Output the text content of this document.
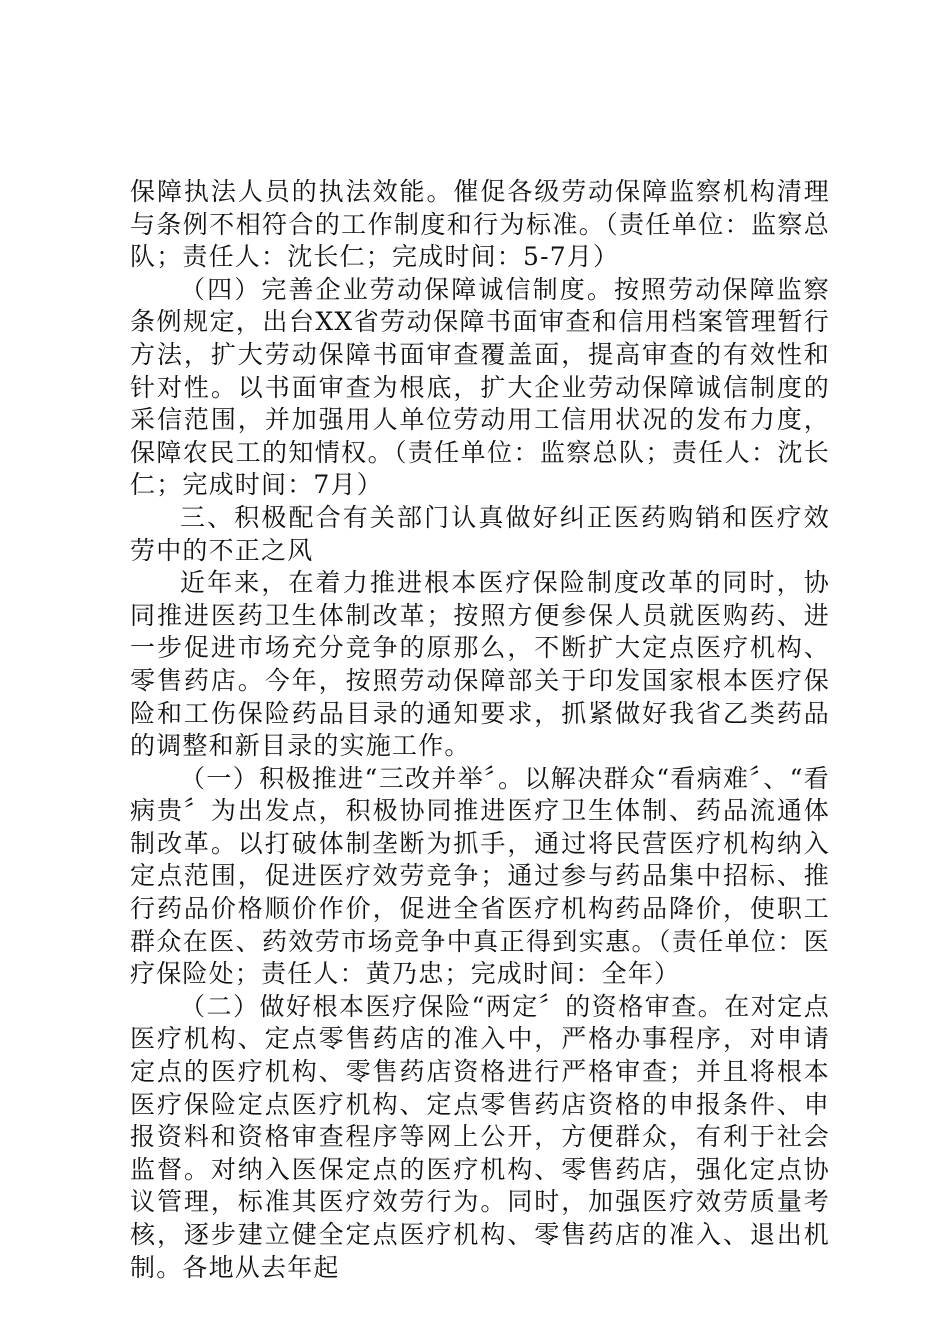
保障执法人员的执法效能。催促各级劳动保障监察机构清理与条例不相符合的工作制度和行为标准。（责任单位：监察总队；责任人：沈长仁；完成时间：5-7月）

（四）完善企业劳动保障诚信制度。按照劳动保障监察条例规定，出台XX省劳动保障书面审查和信用档案管理暂行方法，扩大劳动保障书面审查覆盖面，提高审查的有效性和针对性。以书面审查为根底，扩大企业劳动保障诚信制度的采信范围，并加强用人单位劳动用工信用状况的发布力度，保障农民工的知情权。（责任单位：监察总队；责任人：沈长仁；完成时间：7月）

三、积极配合有关部门认真做好纠正医药购销和医疗效劳中的不正之风

近年来，在着力推进根本医疗保险制度改革的同时，协同推进医药卫生体制改革；按照方便参保人员就医购药、进一步促进市场充分竞争的原那么，不断扩大定点医疗机构、零售药店。今年，按照劳动保障部关于印发国家根本医疗保险和工伤保险药品目录的通知要求，抓紧做好我省乙类药品的调整和新目录的实施工作。

（一）积极推进“三改并举〞。以解决群众“看病难〞、“看病贵〞为出发点，积极协同推进医疗卫生体制、药品流通体制改革。以打破体制垄断为抓手，通过将民营医疗机构纳入定点范围，促进医疗效劳竞争；通过参与药品集中招标、推行药品价格顺价作价，促进全省医疗机构药品降价，使职工群众在医、药效劳市场竞争中真正得到实惠。（责任单位：医疗保险处；责任人：黄乃忠；完成时间：全年）

（二）做好根本医疗保险“两定〞的资格审查。在对定点医疗机构、定点零售药店的准入中，严格办事程序，对申请定点的医疗机构、零售药店资格进行严格审查；并且将根本医疗保险定点医疗机构、定点零售药店资格的申报条件、申报资料和资格审查程序等网上公开，方便群众，有利于社会监督。对纳入医保定点的医疗机构、零售药店，强化定点协议管理，标准其医疗效劳行为。同时，加强医疗效劳质量考核，逐步建立健全定点医疗机构、零售药店的准入、退出机制。各地从去年起
